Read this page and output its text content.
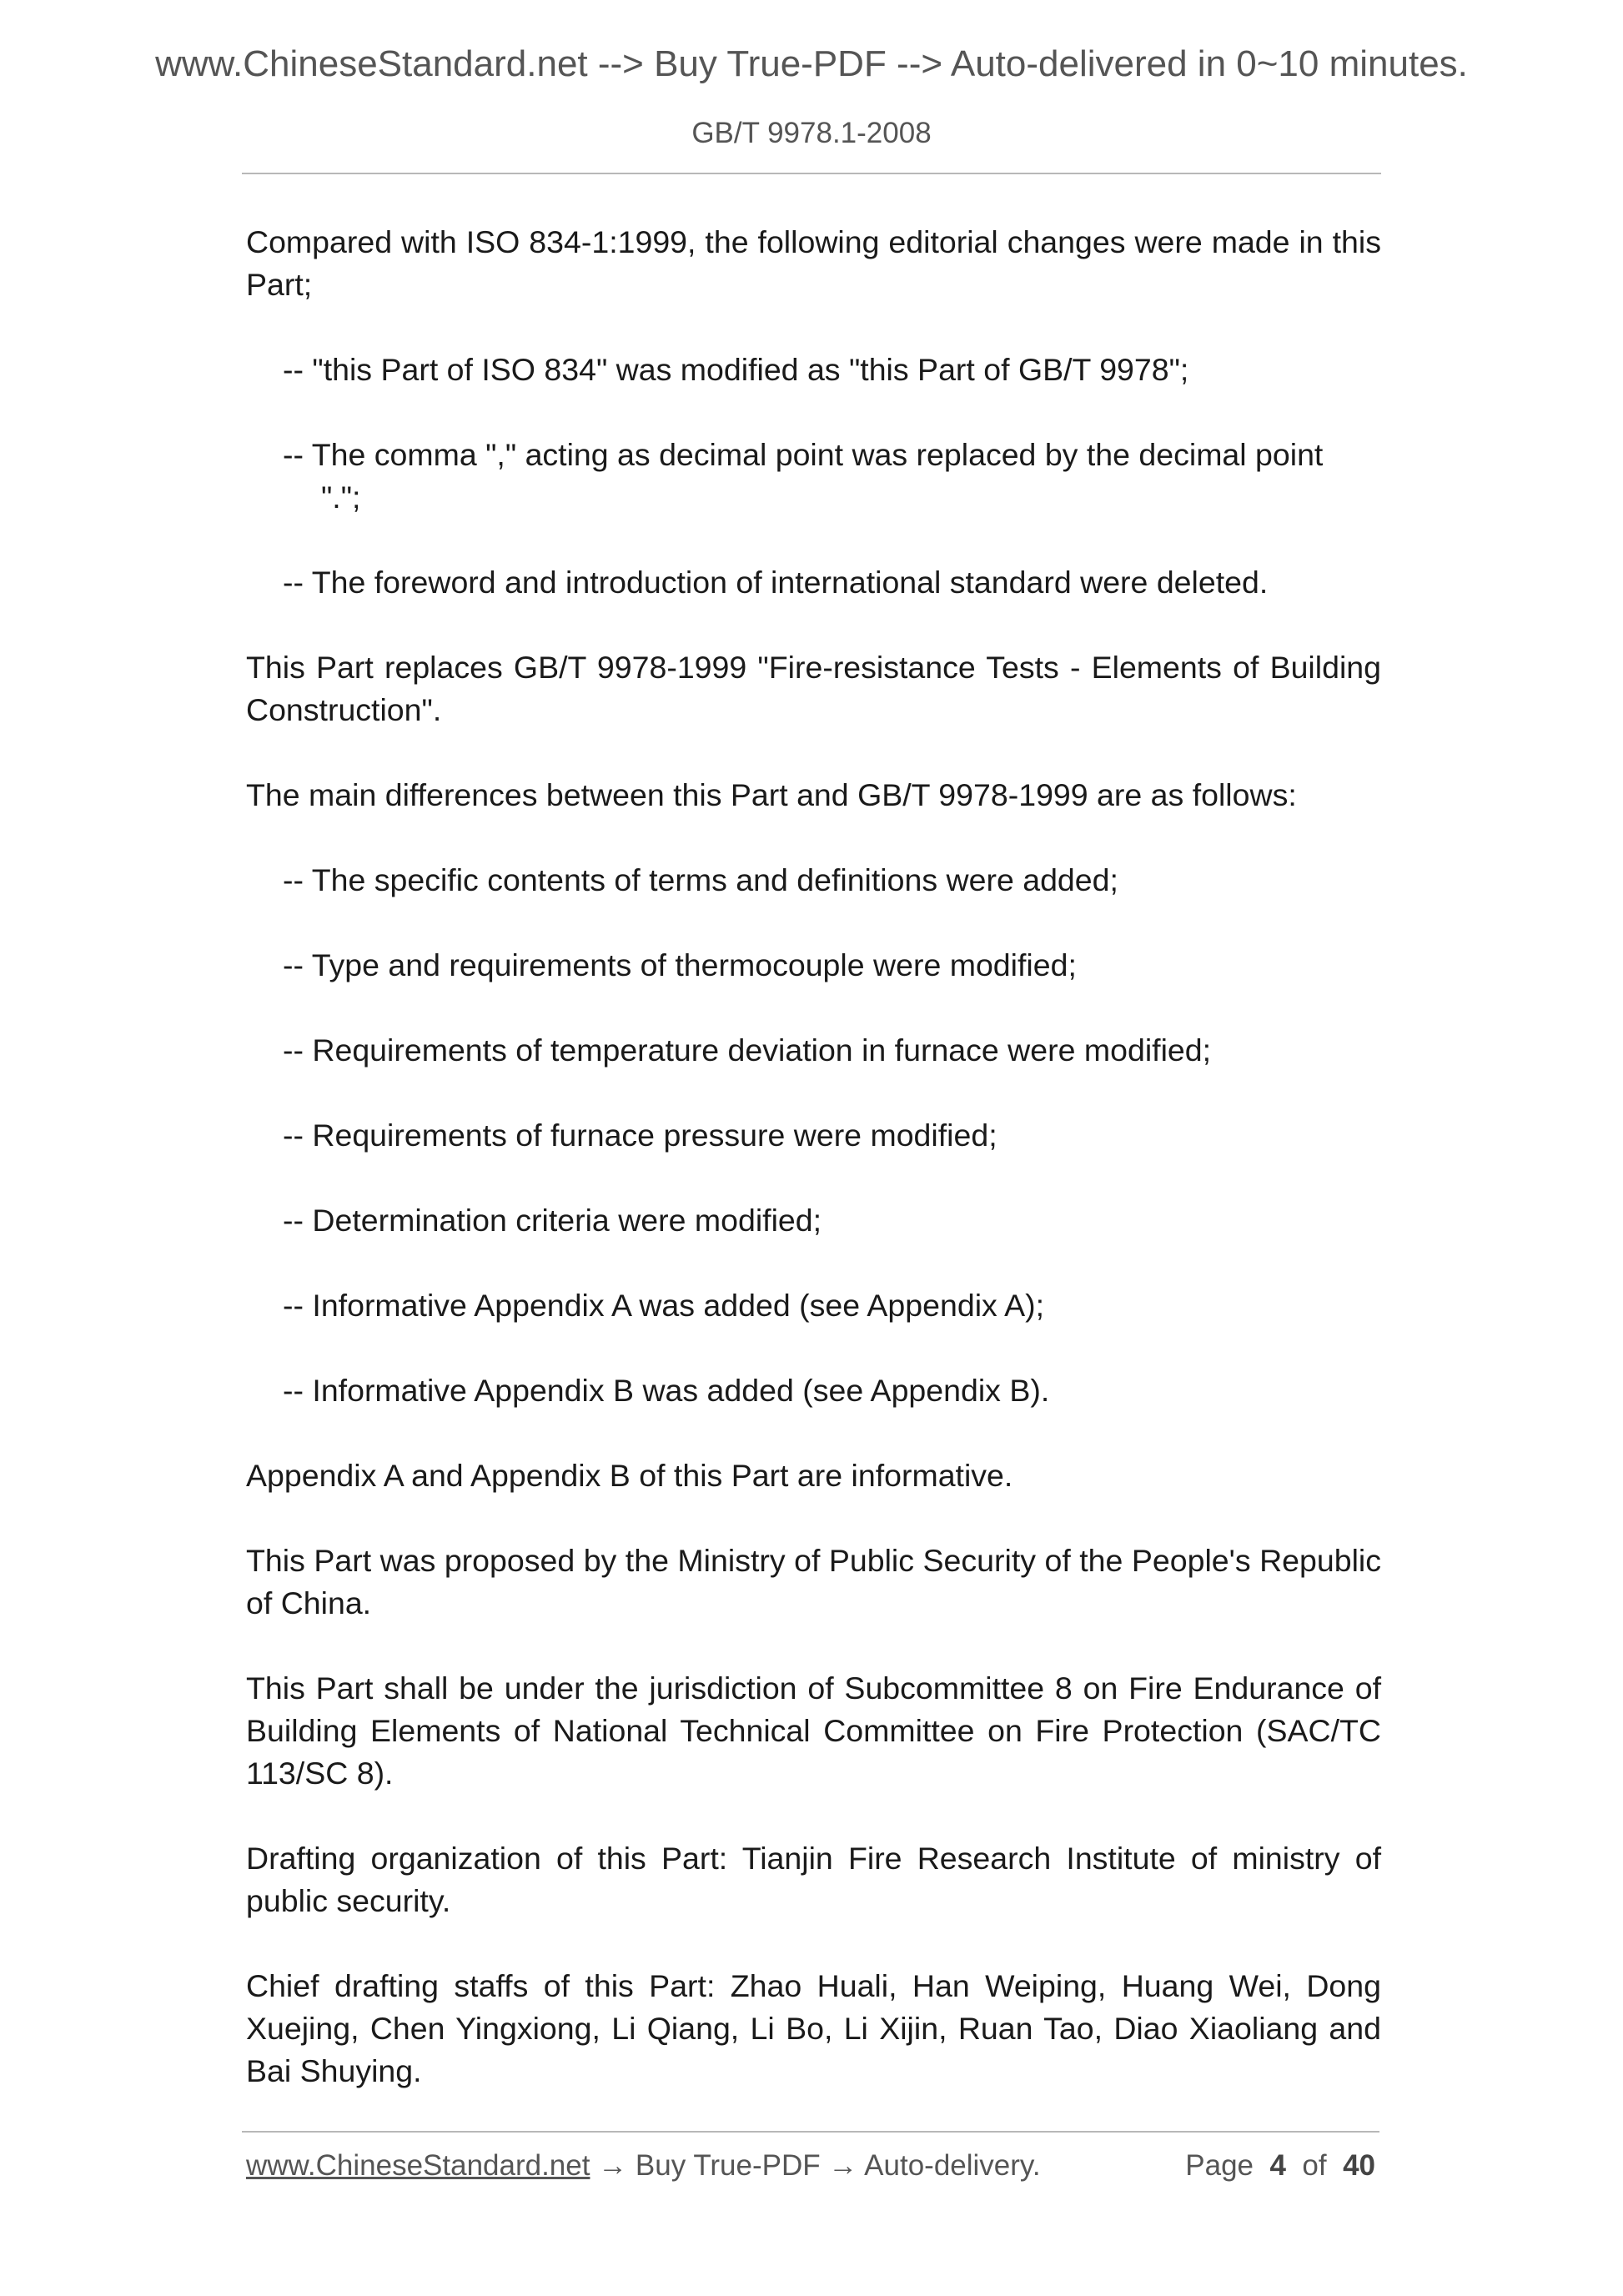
www.ChineseStandard.net --> Buy True-PDF --> Auto-delivered in 0~10 minutes.
GB/T 9978.1-2008

Compared with ISO 834-1:1999, the following editorial changes were made in this Part;

-- "this Part of ISO 834" was modified as "this Part of GB/T 9978";
-- The comma "," acting as decimal point was replaced by the decimal point
".";
-- The foreword and introduction of international standard were deleted.

This Part replaces GB/T 9978-1999 "Fire-resistance Tests - Elements of Building Construction".

The main differences between this Part and GB/T 9978-1999 are as follows:

-- The specific contents of terms and definitions were added;
-- Type and requirements of thermocouple were modified;
-- Requirements of temperature deviation in furnace were modified;
-- Requirements of furnace pressure were modified;
-- Determination criteria were modified;
-- Informative Appendix A was added (see Appendix A);
-- Informative Appendix B was added (see Appendix B).

Appendix A and Appendix B of this Part are informative.

This Part was proposed by the Ministry of Public Security of the People's Republic of China.

This Part shall be under the jurisdiction of Subcommittee 8 on Fire Endurance of Building Elements of National Technical Committee on Fire Protection (SAC/TC 113/SC 8).

Drafting organization of this Part: Tianjin Fire Research Institute of ministry of public security.

Chief drafting staffs of this Part: Zhao Huali, Han Weiping, Huang Wei, Dong Xuejing, Chen Yingxiong, Li Qiang, Li Bo, Li Xijin, Ruan Tao, Diao Xiaoliang and Bai Shuying.

www.ChineseStandard.net → Buy True-PDF → Auto-delivery.	Page 4 of 40
